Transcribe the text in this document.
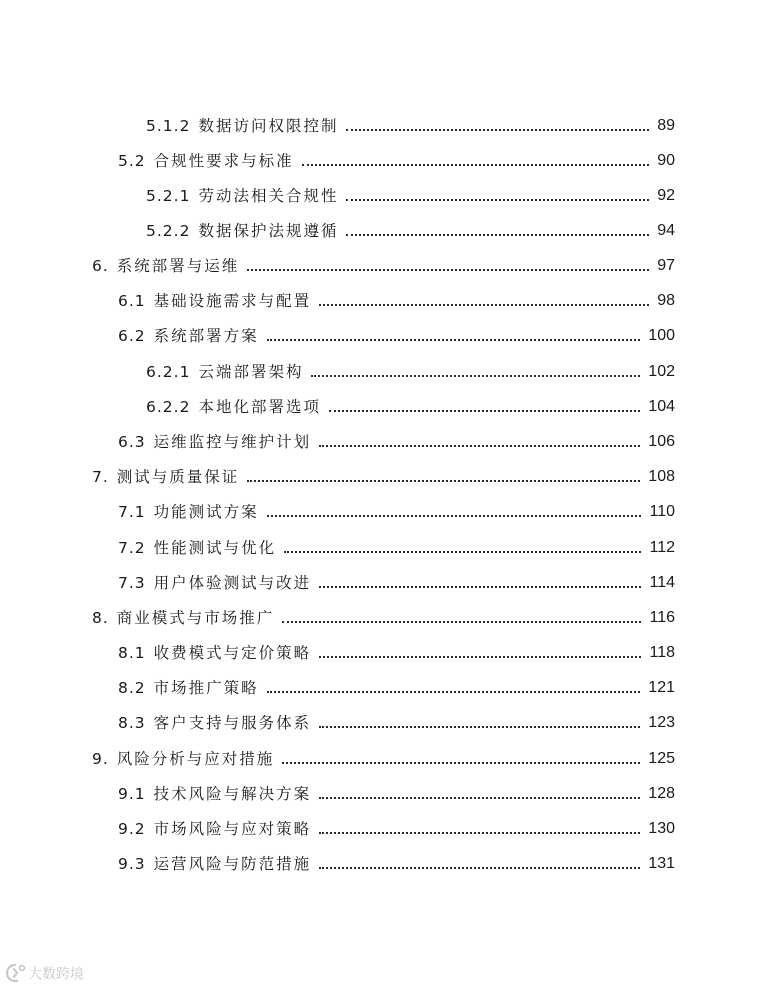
5.1.2 数据访问权限控制	89
5.2 合规性要求与标准	90
5.2.1 劳动法相关合规性	92
5.2.2 数据保护法规遵循	94
6. 系统部署与运维	97
6.1 基础设施需求与配置	98
6.2 系统部署方案	100
6.2.1 云端部署架构	102
6.2.2 本地化部署选项	104
6.3 运维监控与维护计划	106
7. 测试与质量保证	108
7.1 功能测试方案	110
7.2 性能测试与优化	112
7.3 用户体验测试与改进	114
8. 商业模式与市场推广	116
8.1 收费模式与定价策略	118
8.2 市场推广策略	121
8.3 客户支持与服务体系	123
9. 风险分析与应对措施	125
9.1 技术风险与解决方案	128
9.2 市场风险与应对策略	130
9.3 运营风险与防范措施	131
大数跨境
